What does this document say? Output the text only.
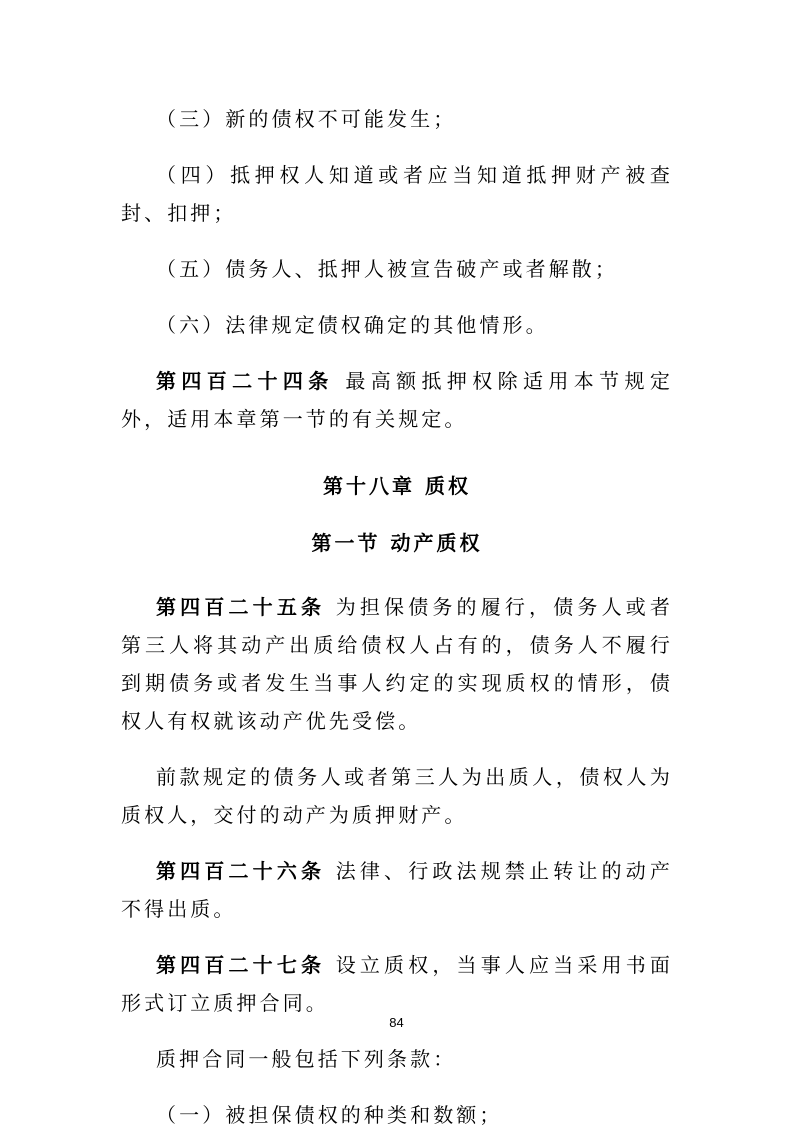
（三）新的债权不可能发生；

（四）抵押权人知道或者应当知道抵押财产被查封、扣押；

（五）债务人、抵押人被宣告破产或者解散；

（六）法律规定债权确定的其他情形。

第四百二十四条 最高额抵押权除适用本节规定外，适用本章第一节的有关规定。

第十八章 质权
第一节 动产质权

第四百二十五条 为担保债务的履行，债务人或者第三人将其动产出质给债权人占有的，债务人不履行到期债务或者发生当事人约定的实现质权的情形，债权人有权就该动产优先受偿。

前款规定的债务人或者第三人为出质人，债权人为质权人，交付的动产为质押财产。

第四百二十六条 法律、行政法规禁止转让的动产不得出质。

第四百二十七条 设立质权，当事人应当采用书面形式订立质押合同。

质押合同一般包括下列条款：

（一）被担保债权的种类和数额；

84
